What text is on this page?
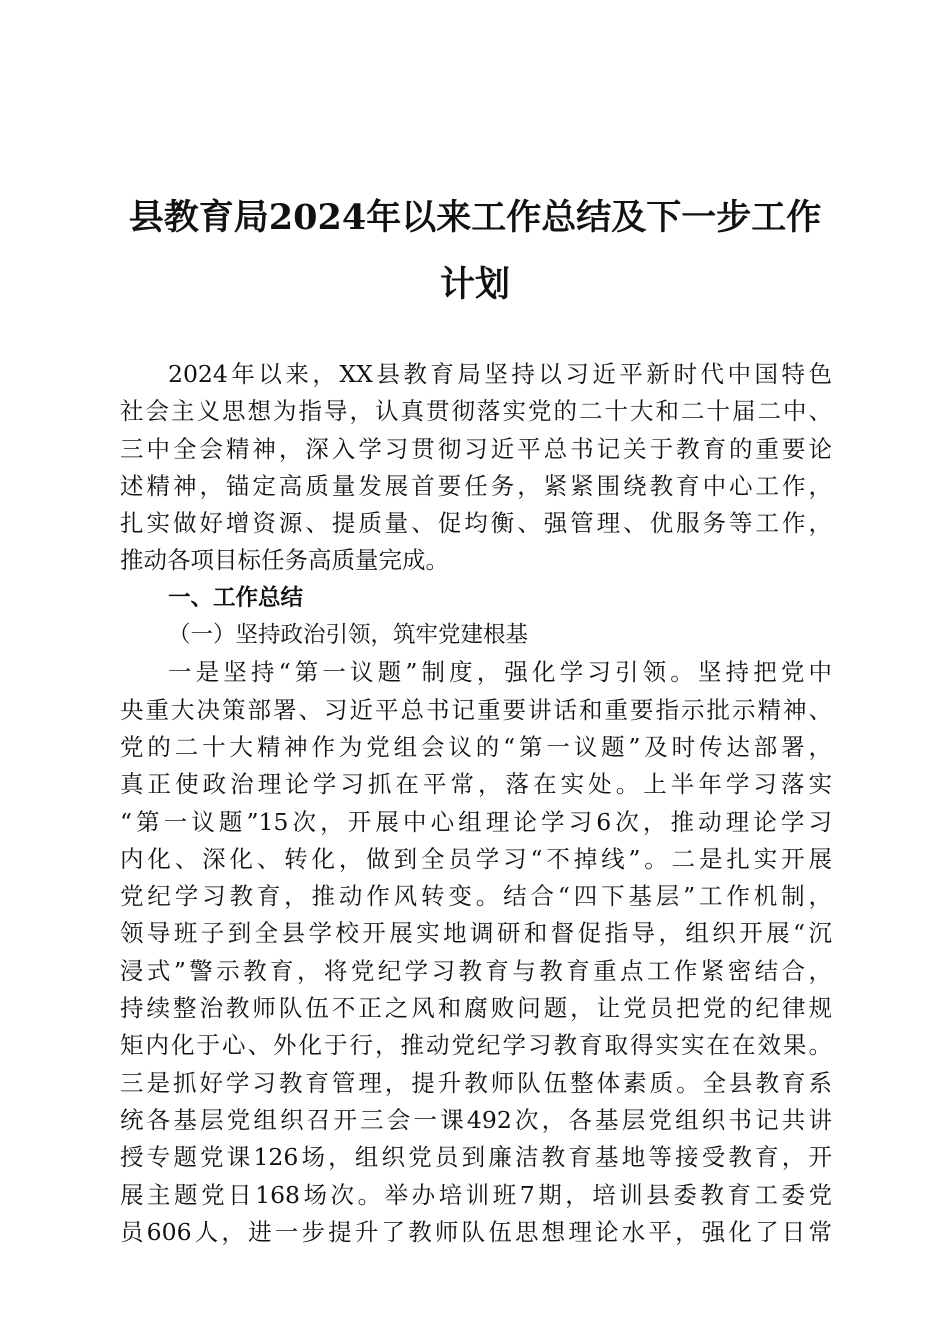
县教育局2024年以来工作总结及下一步工作
计划
2024年以来，XX县教育局坚持以习近平新时代中国特色
社会主义思想为指导，认真贯彻落实党的二十大和二十届二中、
三中全会精神，深入学习贯彻习近平总书记关于教育的重要论
述精神，锚定高质量发展首要任务，紧紧围绕教育中心工作，
扎实做好增资源、提质量、促均衡、强管理、优服务等工作，
推动各项目标任务高质量完成。
一、工作总结
（一）坚持政治引领，筑牢党建根基
一是坚持“第一议题”制度，强化学习引领。坚持把党中
央重大决策部署、习近平总书记重要讲话和重要指示批示精神、
党的二十大精神作为党组会议的“第一议题”及时传达部署，
真正使政治理论学习抓在平常，落在实处。上半年学习落实
“第一议题”15次，开展中心组理论学习6次，推动理论学习
内化、深化、转化，做到全员学习“不掉线”。二是扎实开展
党纪学习教育，推动作风转变。结合“四下基层”工作机制，
领导班子到全县学校开展实地调研和督促指导，组织开展“沉
浸式”警示教育，将党纪学习教育与教育重点工作紧密结合，
持续整治教师队伍不正之风和腐败问题，让党员把党的纪律规
矩内化于心、外化于行，推动党纪学习教育取得实实在在效果。
三是抓好学习教育管理，提升教师队伍整体素质。全县教育系
统各基层党组织召开三会一课492次，各基层党组织书记共讲
授专题党课126场，组织党员到廉洁教育基地等接受教育，开
展主题党日168场次。举办培训班7期，培训县委教育工委党
员606人，进一步提升了教师队伍思想理论水平，强化了日常
